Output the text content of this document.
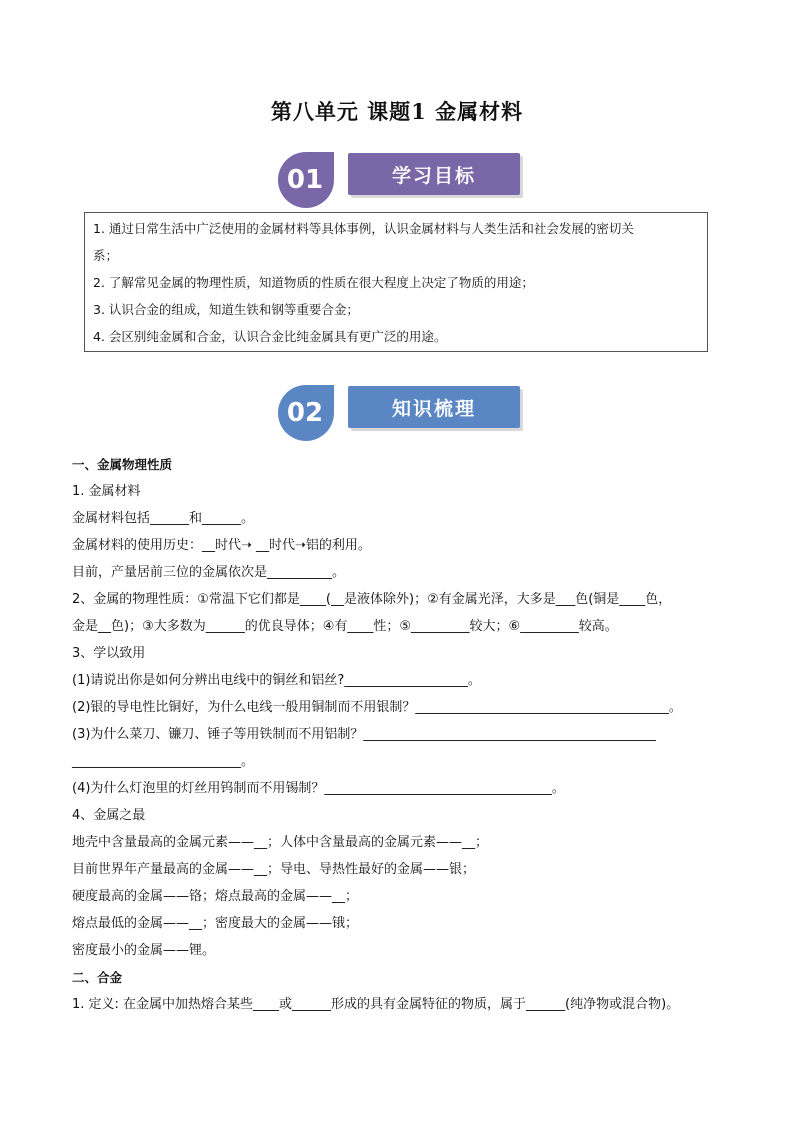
第八单元 课题1 金属材料
01	学习目标
1. 通过日常生活中广泛使用的金属材料等具体事例，认识金属材料与人类生活和社会发展的密切关
系；
2. 了解常见金属的物理性质，知道物质的性质在很大程度上决定了物质的用途；
3. 认识合金的组成，知道生铁和钢等重要合金；
4. 会区别纯金属和合金，认识合金比纯金属具有更广泛的用途。
02	知识梳理
一、金属物理性质
1. 金属材料
金属材料包括______和______。
金属材料的使用历史：__时代➝ __时代➝铝的利用。
目前，产量居前三位的金属依次是__________。
2、金属的物理性质：①常温下它们都是____(__是液体除外)；②有金属光泽，大多是___色(铜是____色，
金是__色)；③大多数为______的优良导体；④有____性；⑤_________较大；⑥_________较高。
3、学以致用
(1)请说出你是如何分辨出电线中的铜丝和铝丝?___________________。
(2)银的导电性比铜好，为什么电线一般用铜制而不用银制？_______________________________________。
(3)为什么菜刀、镰刀、锤子等用铁制而不用铝制？_____________________________________________
__________________________。
(4)为什么灯泡里的灯丝用钨制而不用锡制？___________________________________。
4、金属之最
地壳中含量最高的金属元素——__；人体中含量最高的金属元素——__；
目前世界年产量最高的金属——__；导电、导热性最好的金属——银；
硬度最高的金属——铬；熔点最高的金属——__；
熔点最低的金属——__；密度最大的金属——锇；
密度最小的金属——锂。
二、合金
1. 定义: 在金属中加热熔合某些____或______形成的具有金属特征的物质，属于______(纯净物或混合物)。
